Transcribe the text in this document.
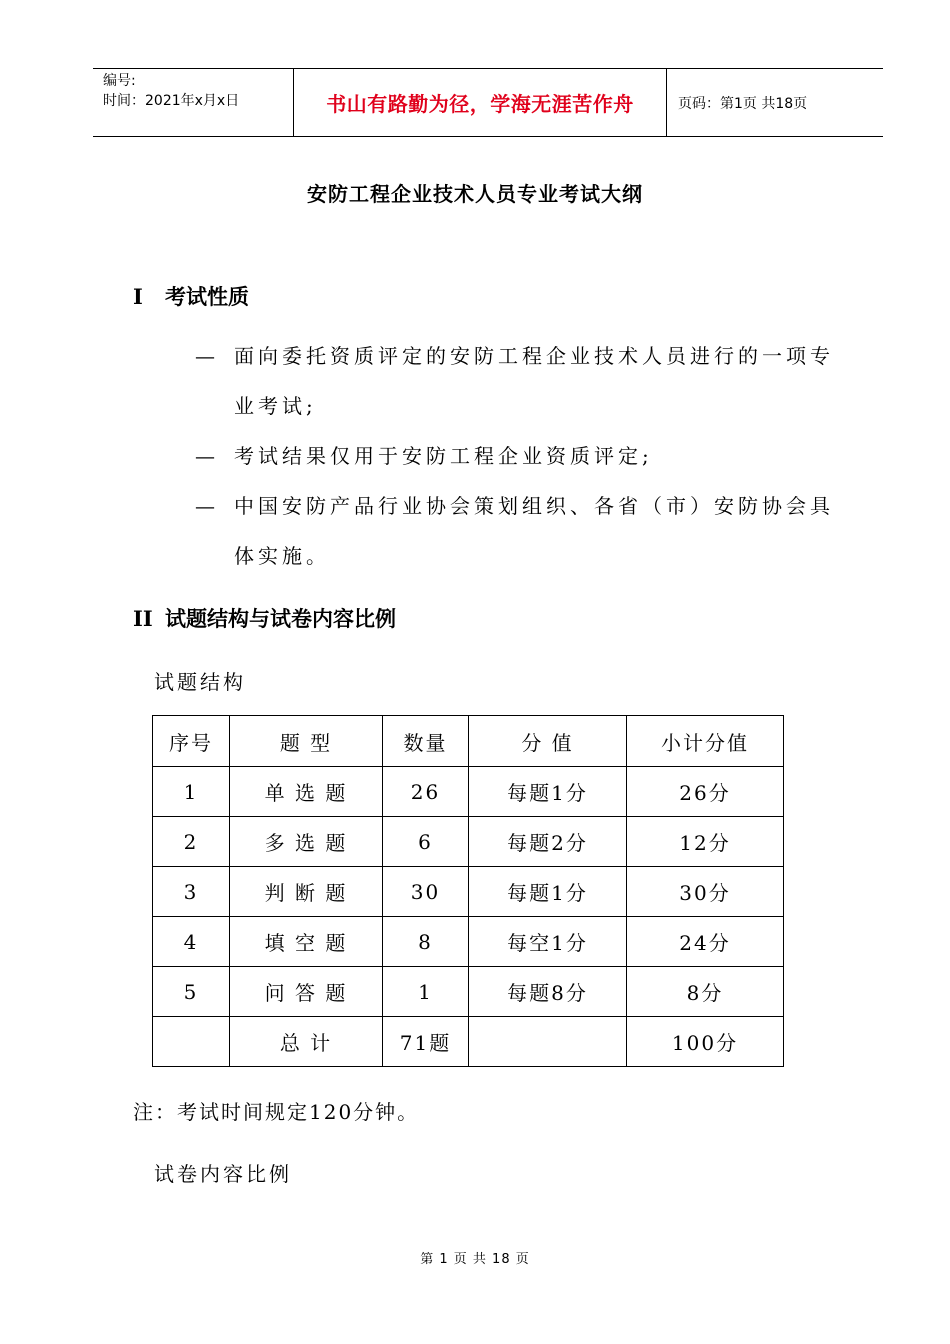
编号:
时间：2021年x月x日	书山有路勤为径，学海无涯苦作舟	页码：第1页 共18页
安防工程企业技术人员专业考试大纲
I 考试性质
— 面向委托资质评定的安防工程企业技术人员进行的一项专业考试;
— 考试结果仅用于安防工程企业资质评定;
— 中国安防产品行业协会策划组织、各省（市）安防协会具体实施。
II 试题结构与试卷内容比例
试题结构
序号	题 型	数量	分 值	小计分值
1	单 选 题	26	每题1分	26分
2	多 选 题	6	每题2分	12分
3	判 断 题	30	每题1分	30分
4	填 空 题	8	每空1分	24分
5	问 答 题	1	每题8分	8分
	总 计	71题		100分
注：考试时间规定120分钟。
试卷内容比例
第 1 页 共 18 页
